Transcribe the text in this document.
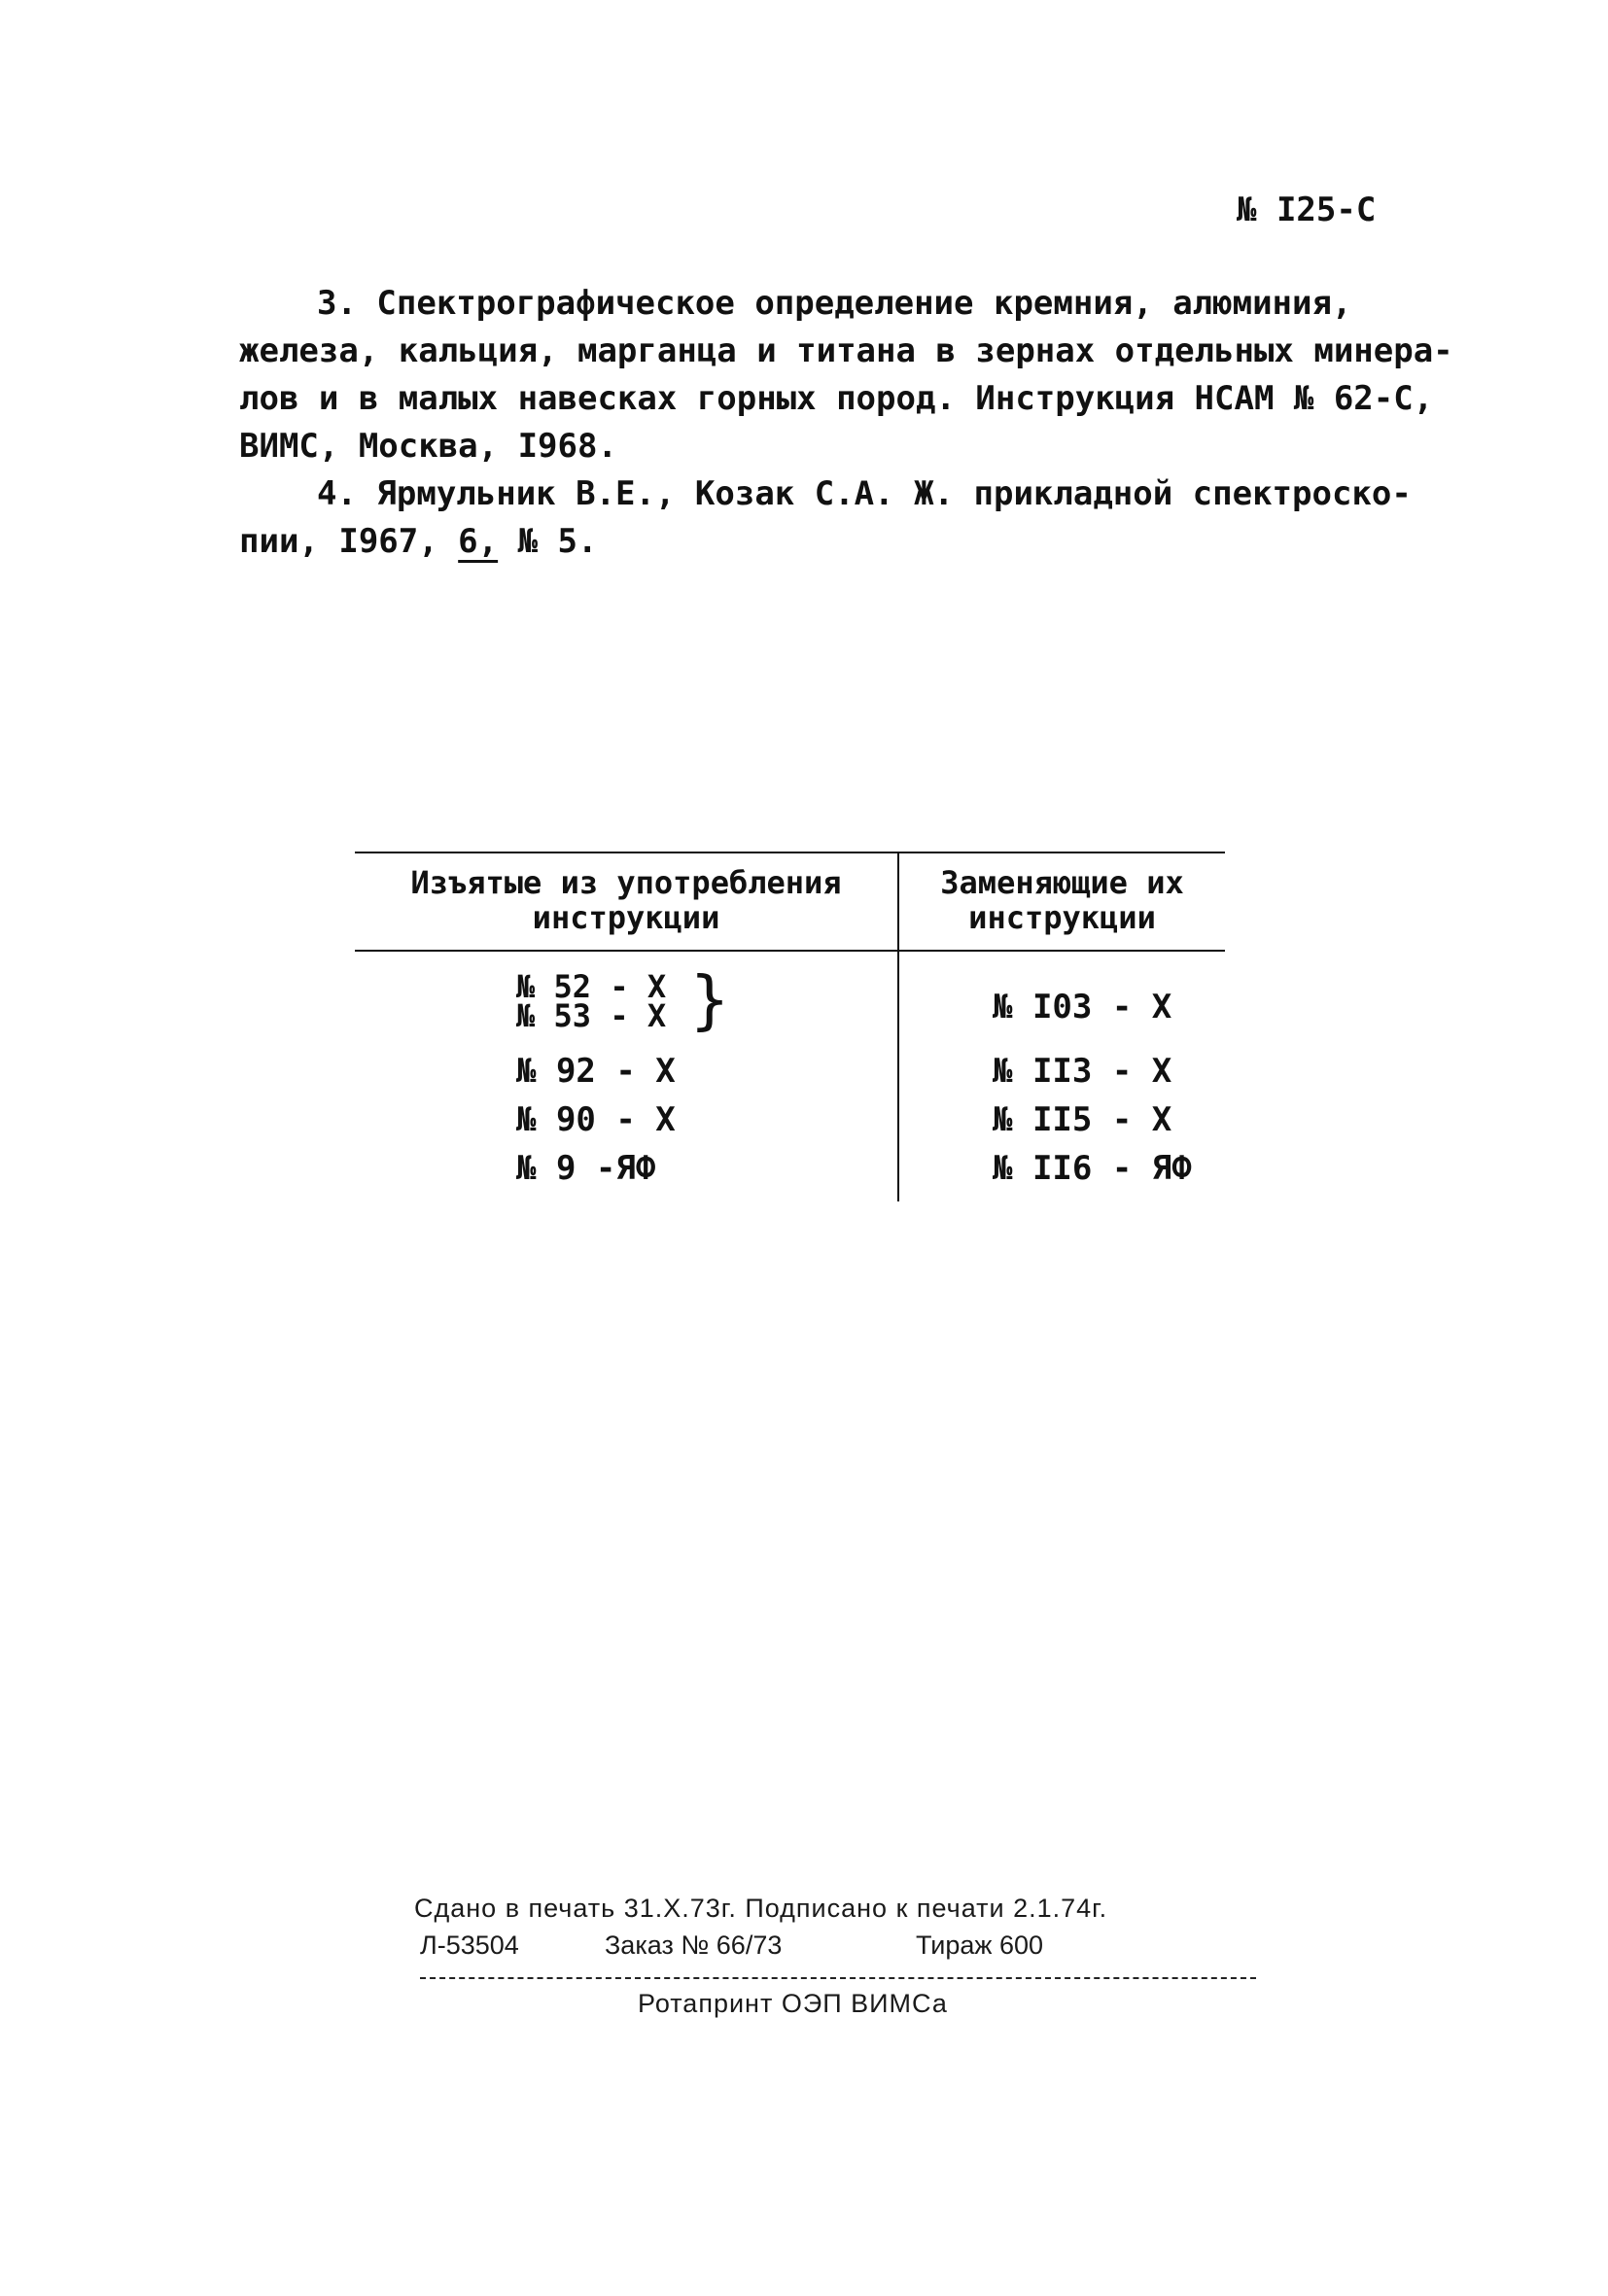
№ I25-С
3. Спектрографическое определение кремния, алюминия,
железа, кальция, марганца и титана в зернах отдельных минера-
лов и в малых навесках горных пород. Инструкция НСАМ № 62-С,
ВИМС, Москва, I968.
4. Ярмульник В.Е., Козак С.А. Ж. прикладной спектроско-
пии, I967, 6, № 5.
Изъятые из употребления
инструкции
Заменяющие их
инструкции
№ 52 - Х
№ 53 - Х }
№ 92 - Х
№ 90 - Х
№ 9 -ЯФ
№ I03 - Х
№ II3 - Х
№ II5 - Х
№ II6 - ЯФ
Сдано в печать 31.Х.73г. Подписано к печати 2.1.74г.
Л-53504	Заказ № 66/73	Тираж 600
Ротапринт ОЭП ВИМСа
